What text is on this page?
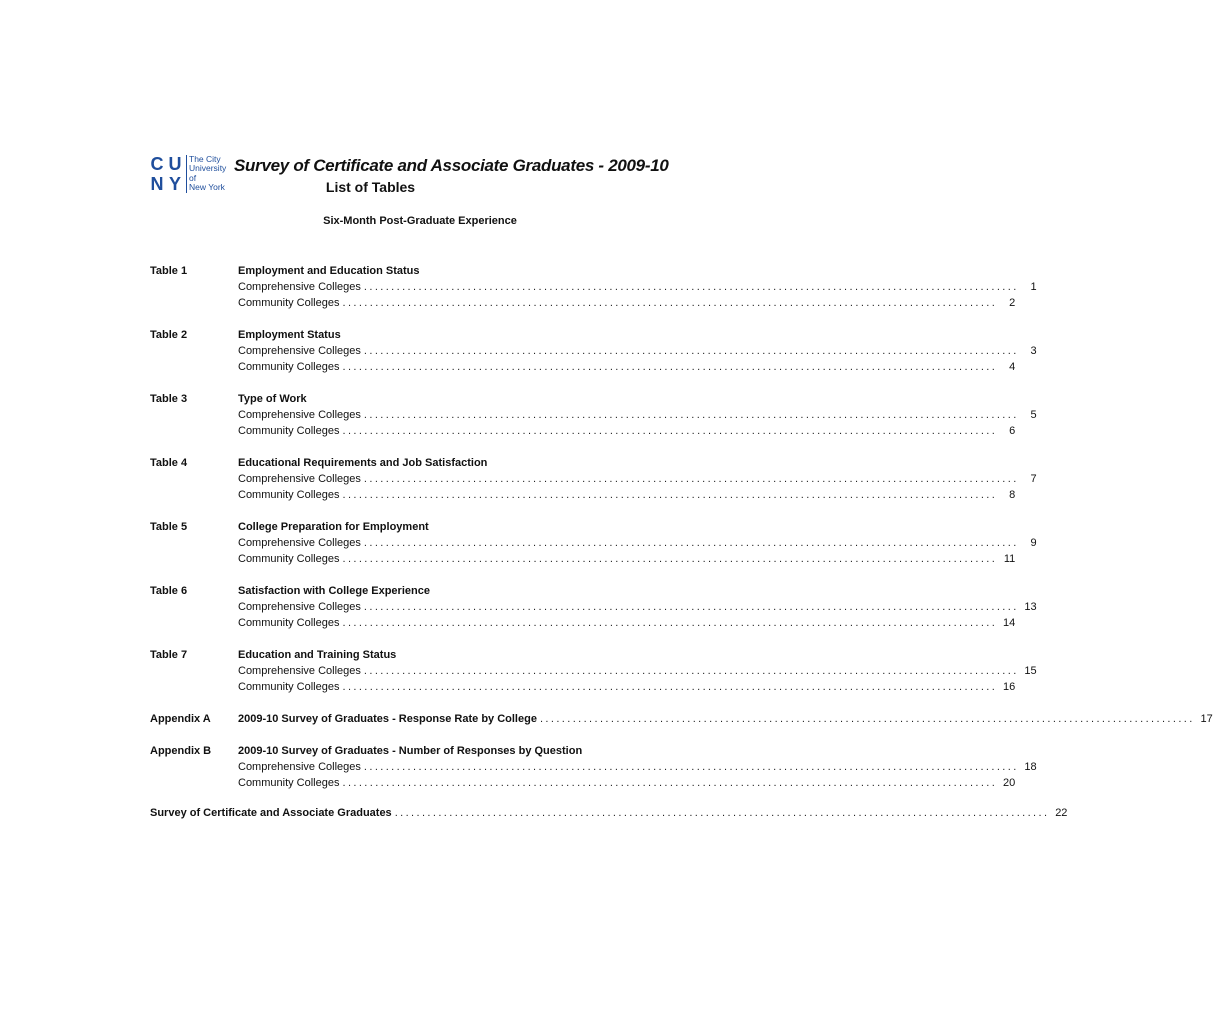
C U
N Y
The City
University
of
New York
Survey of Certificate and Associate Graduates - 2009-10
List of Tables
Six-Month Post-Graduate Experience
Table 1	Employment and Education Status
Comprehensive Colleges ........................................................................................................................	1
Community Colleges ........................................................................................................................	2
Table 2	Employment Status
Comprehensive Colleges ........................................................................................................................	3
Community Colleges ........................................................................................................................	4
Table 3	Type of Work
Comprehensive Colleges ........................................................................................................................	5
Community Colleges ........................................................................................................................	6
Table 4	Educational Requirements and Job Satisfaction
Comprehensive Colleges ........................................................................................................................	7
Community Colleges ........................................................................................................................	8
Table 5	College Preparation for Employment
Comprehensive Colleges ........................................................................................................................	9
Community Colleges ........................................................................................................................ 11
Table 6	Satisfaction with College Experience
Comprehensive Colleges ........................................................................................................................ 13
Community Colleges ........................................................................................................................ 14
Table 7	Education and Training Status
Comprehensive Colleges ........................................................................................................................ 15
Community Colleges ........................................................................................................................ 16
Appendix A 2009-10 Survey of Graduates - Response Rate by College ........................................................................................................................ 17
Appendix B 2009-10 Survey of Graduates - Number of Responses by Question
Comprehensive Colleges ........................................................................................................................ 18
Community Colleges ........................................................................................................................ 20
Survey of Certificate and Associate Graduates ........................................................................................................................ 22
